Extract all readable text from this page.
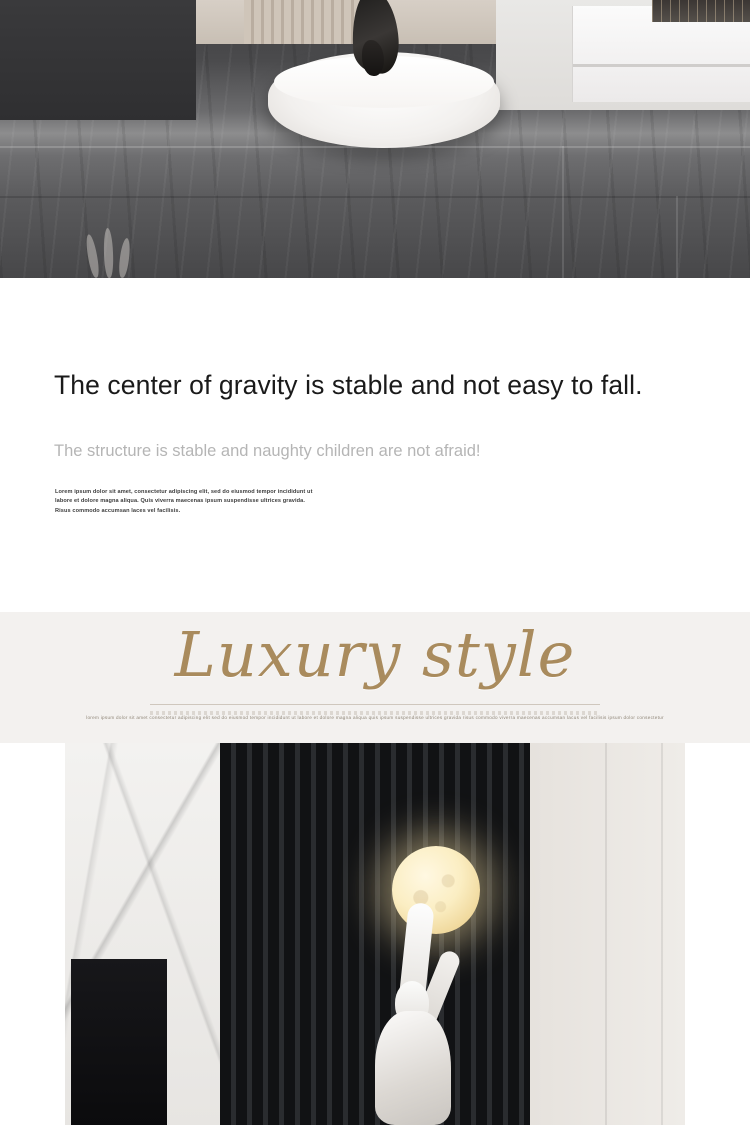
The center of gravity is stable and not easy to fall.
The structure is stable and naughty children are not afraid!
Lorem ipsum dolor sit amet, consectetur adipiscing elit, sed do eiusmod tempor incididunt ut labore et dolore magna aliqua. Quis viverra maecenas ipsum suspendisse ultrices gravida. Risus commodo accumsan laces vel facilisis.
Luxury style
lorem ipsum dolor sit amet consectetur adipiscing elit sed do eiusmod tempor incididunt ut labore et dolore magna aliqua quis ipsum suspendisse ultrices gravida risus commodo viverra maecenas accumsan lacus vel facilisis ipsum dolor consectetur
